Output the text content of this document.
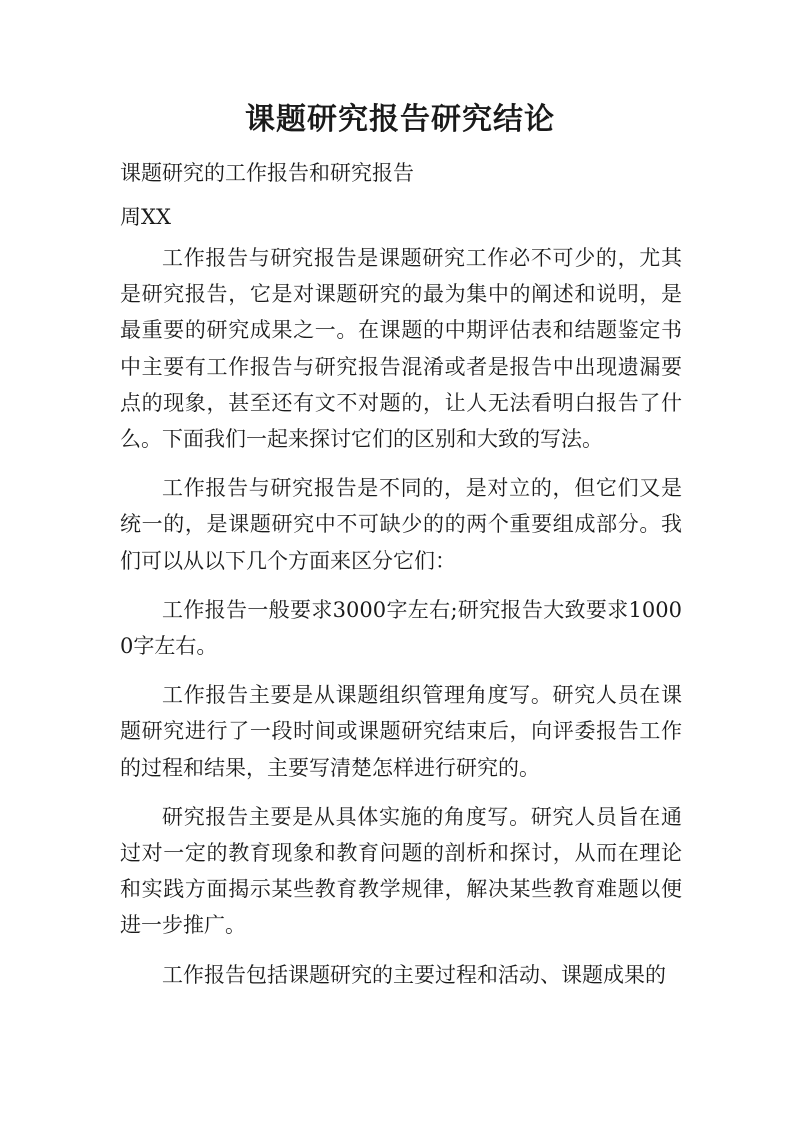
课题研究报告研究结论

课题研究的工作报告和研究报告

周XX

工作报告与研究报告是课题研究工作必不可少的，尤其是研究报告，它是对课题研究的最为集中的阐述和说明，是最重要的研究成果之一。在课题的中期评估表和结题鉴定书中主要有工作报告与研究报告混淆或者是报告中出现遗漏要点的现象，甚至还有文不对题的，让人无法看明白报告了什么。下面我们一起来探讨它们的区别和大致的写法。

工作报告与研究报告是不同的，是对立的，但它们又是统一的，是课题研究中不可缺少的的两个重要组成部分。我们可以从以下几个方面来区分它们：

工作报告一般要求3000字左右;研究报告大致要求10000字左右。

工作报告主要是从课题组织管理角度写。研究人员在课题研究进行了一段时间或课题研究结束后，向评委报告工作的过程和结果，主要写清楚怎样进行研究的。

研究报告主要是从具体实施的角度写。研究人员旨在通过对一定的教育现象和教育问题的剖析和探讨，从而在理论和实践方面揭示某些教育教学规律，解决某些教育难题以便进一步推广。

工作报告包括课题研究的主要过程和活动、课题成果的
